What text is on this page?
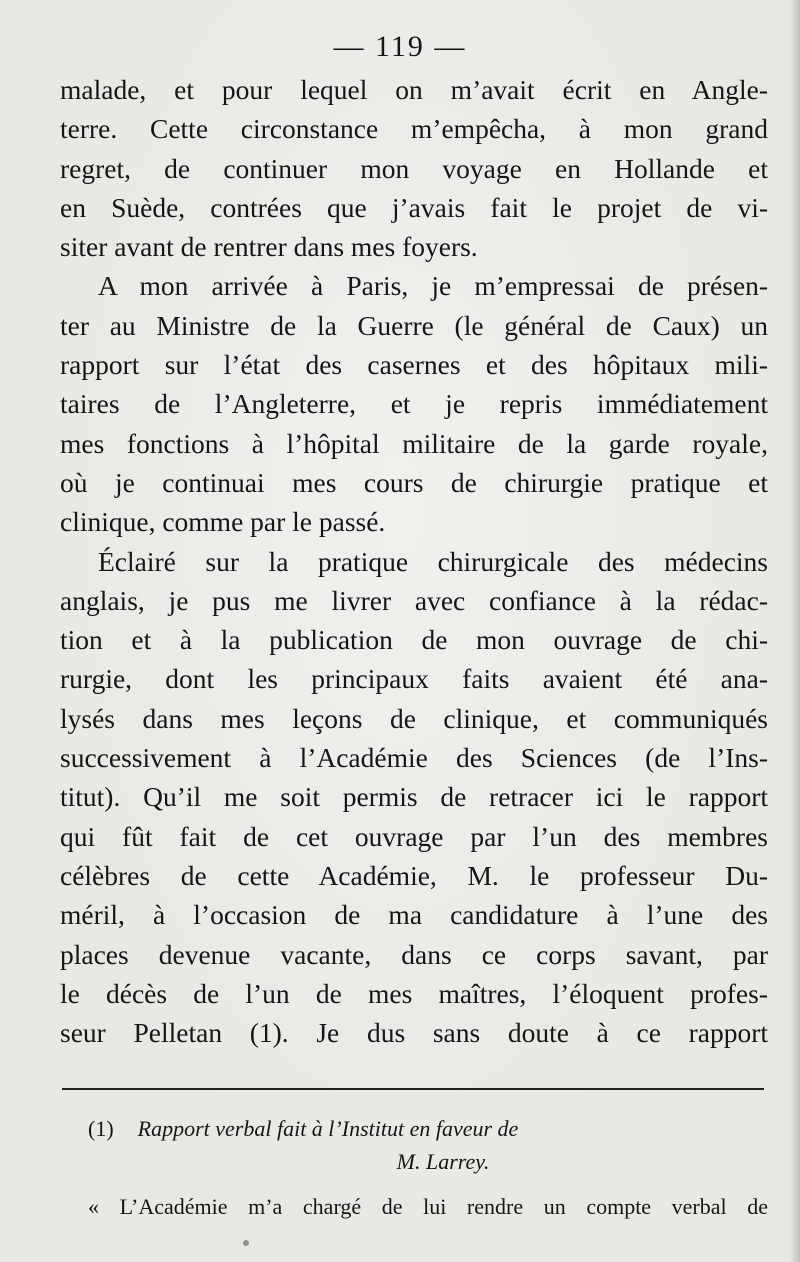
— 119 —
malade, et pour lequel on m’avait écrit en Angle-
terre. Cette circonstance m’empêcha, à mon grand
regret, de continuer mon voyage en Hollande et
en Suède, contrées que j’avais fait le projet de vi-
siter avant de rentrer dans mes foyers.
A mon arrivée à Paris, je m’empressai de présen-
ter au Ministre de la Guerre (le général de Caux) un
rapport sur l’état des casernes et des hôpitaux mili-
taires de l’Angleterre, et je repris immédiatement
mes fonctions à l’hôpital militaire de la garde royale,
où je continuai mes cours de chirurgie pratique et
clinique, comme par le passé.
Éclairé sur la pratique chirurgicale des médecins
anglais, je pus me livrer avec confiance à la rédac-
tion et à la publication de mon ouvrage de chi-
rurgie, dont les principaux faits avaient été ana-
lysés dans mes leçons de clinique, et communiqués
successivement à l’Académie des Sciences (de l’Ins-
titut). Qu’il me soit permis de retracer ici le rapport
qui fût fait de cet ouvrage par l’un des membres
célèbres de cette Académie, M. le professeur Du-
méril, à l’occasion de ma candidature à l’une des
places devenue vacante, dans ce corps savant, par
le décès de l’un de mes maîtres, l’éloquent profes-
seur Pelletan (1). Je dus sans doute à ce rapport
(1) Rapport verbal fait à l’Institut en faveur de
M. Larrey.
« L’Académie m’a chargé de lui rendre un compte verbal de
